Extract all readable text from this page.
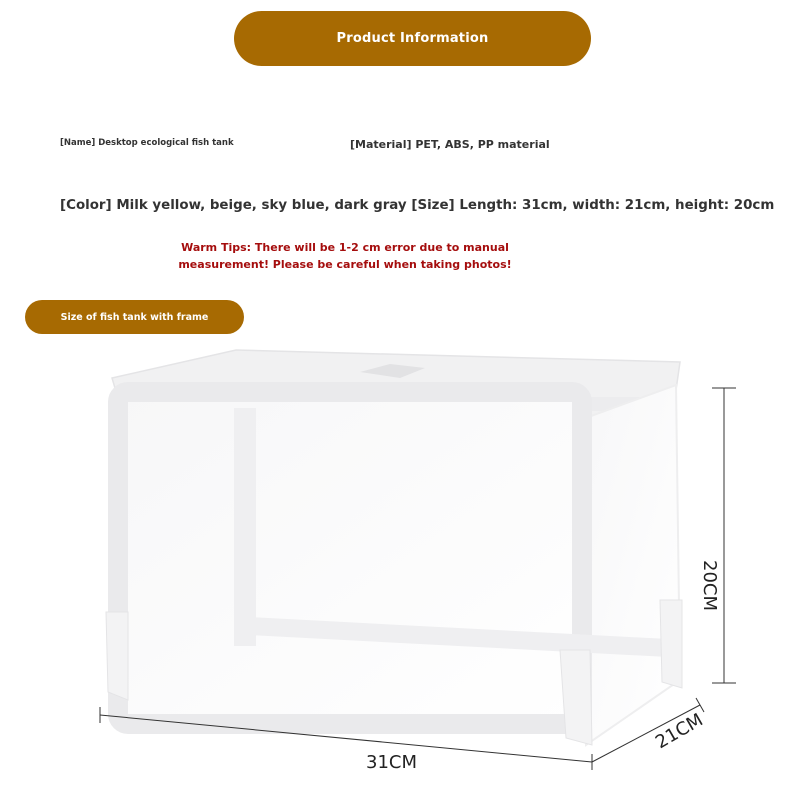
Product Information
[Name] Desktop ecological fish tank	[Material] PET, ABS, PP material
[Color] Milk yellow, beige, sky blue, dark gray [Size] Length: 31cm, width: 21cm, height: 20cm
Warm Tips: There will be 1-2 cm error due to manual
measurement! Please be careful when taking photos!
Size of fish tank with frame
31CM
21CM
20CM
